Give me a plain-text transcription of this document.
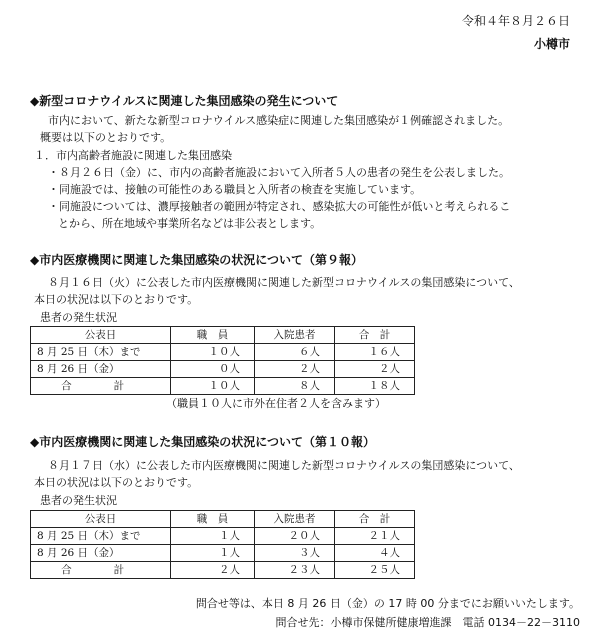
令和４年８月２６日
小樽市
◆新型コロナウイルスに関連した集団感染の発生について
市内において、新たな新型コロナウイルス感染症に関連した集団感染が１例確認されました。
概要は以下のとおりです。
１．市内高齢者施設に関連した集団感染
・８月２６日（金）に、市内の高齢者施設において入所者５人の患者の発生を公表しました。
・同施設では、接触の可能性のある職員と入所者の検査を実施しています。
・同施設については、濃厚接触者の範囲が特定され、感染拡大の可能性が低いと考えられるこ
とから、所在地域や事業所名などは非公表とします。
◆市内医療機関に関連した集団感染の状況について（第９報）
８月１６日（火）に公表した市内医療機関に関連した新型コロナウイルスの集団感染について、
本日の状況は以下のとおりです。
患者の発生状況
公表日	職　員	入院患者	合　計
8 月 25 日（木）まで	１０人	６人	１６人
8 月 26 日（金）	０人	２人	２人
合　計	１０人	８人	１８人
（職員１０人に市外在住者２人を含みます）
◆市内医療機関に関連した集団感染の状況について（第１０報）
８月１７日（水）に公表した市内医療機関に関連した新型コロナウイルスの集団感染について、
本日の状況は以下のとおりです。
患者の発生状況
公表日	職　員	入院患者	合　計
8 月 25 日（木）まで	１人	２０人	２１人
8 月 26 日（金）	１人	３人	４人
合　計	２人	２３人	２５人
問合せ等は、本日 8 月 26 日（金）の 17 時 00 分までにお願いいたします。
問合せ先：小樽市保健所健康増進課　電話 0134－22－3110
